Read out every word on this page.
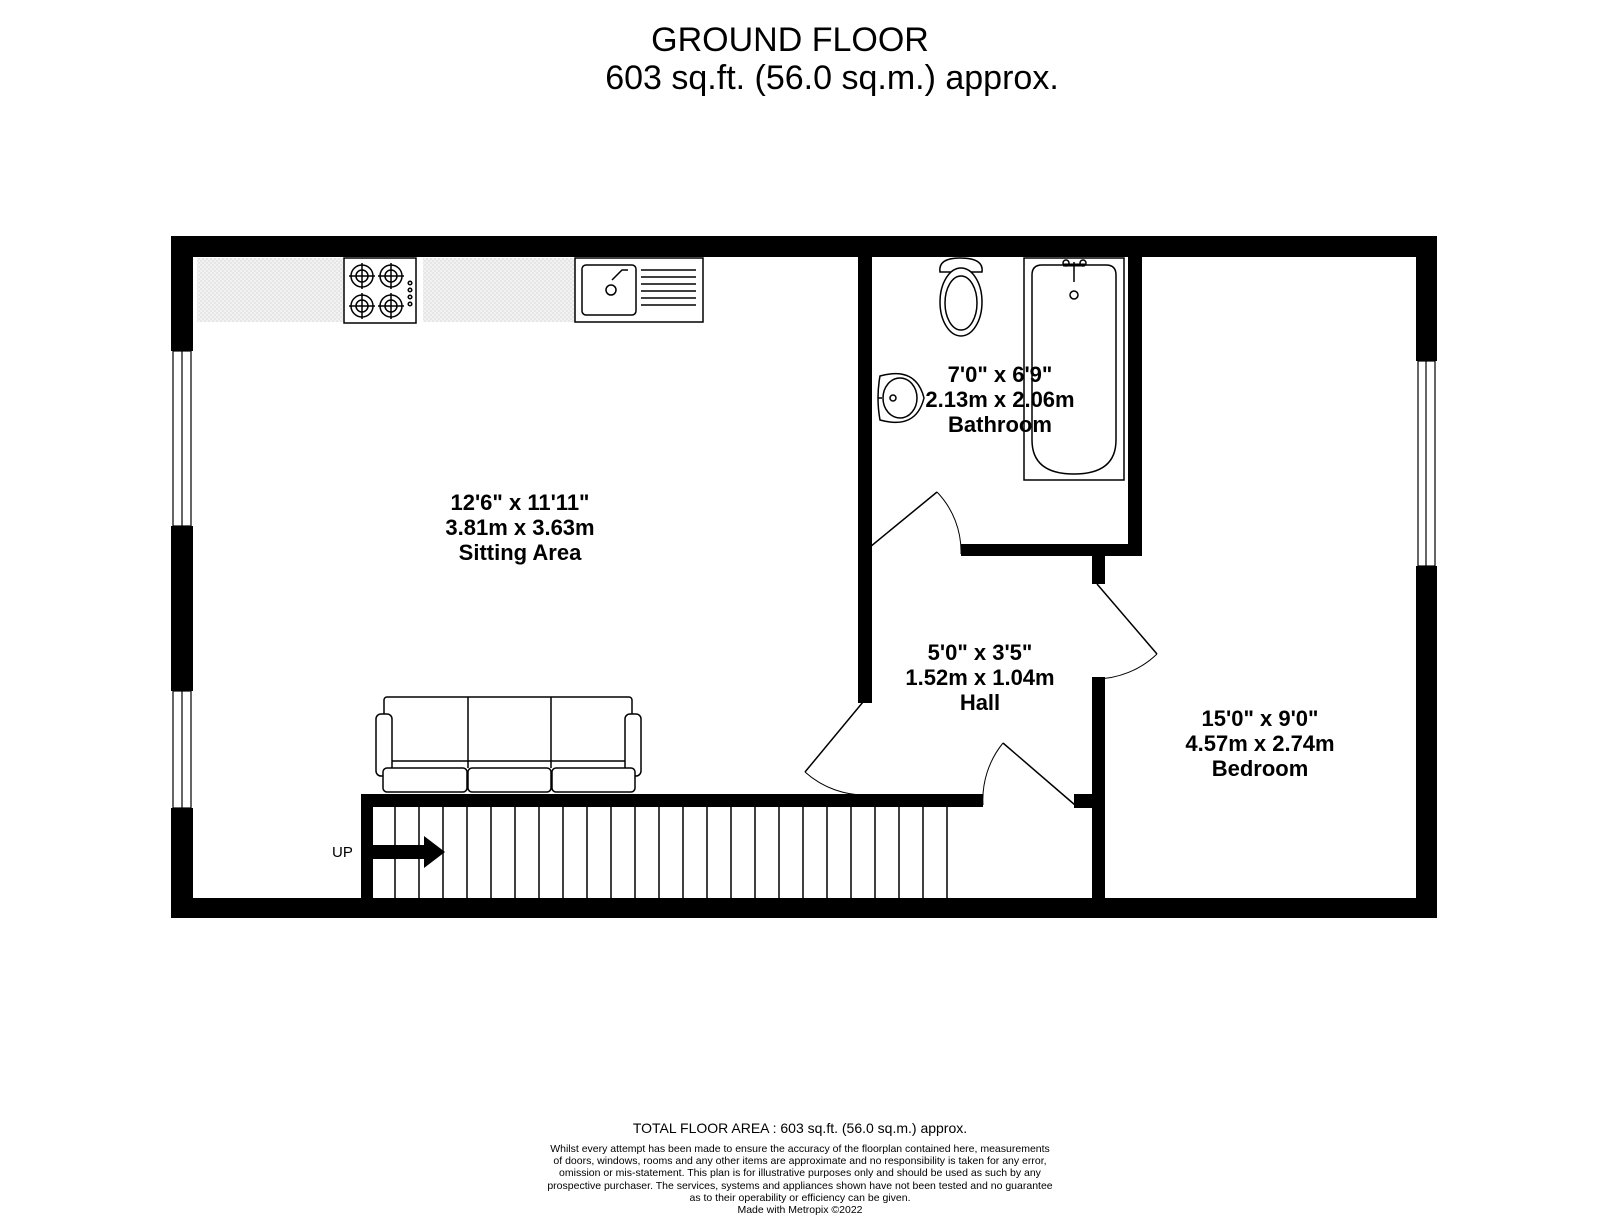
GROUND FLOOR
603 sq.ft. (56.0 sq.m.) approx.
12'6" x 11'11"
3.81m x 3.63m
Sitting Area
7'0" x 6'9"
2.13m x 2.06m
Bathroom
5'0" x 3'5"
1.52m x 1.04m
Hall
15'0" x 9'0"
4.57m x 2.74m
Bedroom
UP
TOTAL FLOOR AREA : 603 sq.ft. (56.0 sq.m.) approx.
Whilst every attempt has been made to ensure the accuracy of the floorplan contained here, measurements
of doors, windows, rooms and any other items are approximate and no responsibility is taken for any error,
omission or mis-statement. This plan is for illustrative purposes only and should be used as such by any
prospective purchaser. The services, systems and appliances shown have not been tested and no guarantee
as to their operability or efficiency can be given.
Made with Metropix ©2022
